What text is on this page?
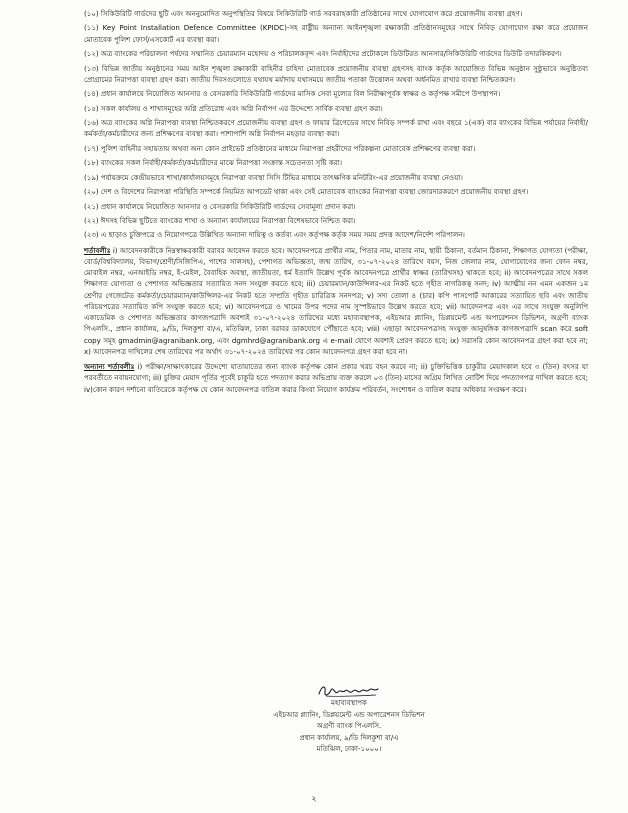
(১০) সিকিউরিটি গার্ডদের ছুটি এবং অননুমোদিত অনুপস্থিতির বিষয়ে সিকিউরিটি গার্ড সরবরাহকারী প্রতিষ্ঠানের সাথে যোগাযোগ করে প্রয়োজনীয় ব্যবস্থা গ্রহণ।

(১১) Key Point Installation Defence Committee (KPIDC)-সহ রাষ্ট্রীয় অন্যান্য আইনশৃঙ্খলা রক্ষাকারী প্রতিষ্ঠানসমূহের সাথে নিবিড় যোগাযোগ রক্ষা করে প্রয়োজন মোতাবেক পুলিশ ফোর্স/এসকোর্ট এর ব্যবস্থা করা।

(১২) অত্র ব্যাংকের পরিচালনা পর্ষদের সম্মানিত চেয়ারম্যান মহোদয় ও পরিচালকবৃন্দ এবং নির্বাহীদের প্রটোকলে ডিউটিরত আনসার/সিকিউরিটি গার্ডদের ডিউটি তদারকিকরণ।

(১৩) বিভিন্ন জাতীয় অনুষ্ঠানের সময় আইন শৃঙ্খলা রক্ষাকারী বাহিনীর চাহিদা মোতাবেক প্রয়োজনীয় ব্যবস্থা গ্রহণসহ ব্যাংক কর্তৃক আয়োজিত বিভিন্ন অনুষ্ঠান সুষ্ঠুভাবে অনুষ্ঠিতব্য প্রোগ্রামের নিরাপত্তা ব্যবস্থা গ্রহণ করা। জাতীয় দিবসগুলোতে যথাযথ মর্যাদায় যথাসময়ে জাতীয় পতাকা উত্তোলন অথবা অর্ধনমিত রাখার ব্যবস্থা নিশ্চিতকরণ।

(১৪) প্রধান কার্যালয়ে নিয়োজিত আনসার ও বেসরকারি সিকিউরিটি গার্ডদের মাসিক সেবা মূল্যের বিল নিরীক্ষাপূর্বক স্বাক্ষর ও কর্তৃপক্ষ সমীপে উপস্থাপন।

(১৫) সকল কার্যালয় ও শাখাসমূহের অগ্নি প্রতিরোধ এবং অগ্নি নির্বাপণ এর উদ্দেশ্যে সার্বিক ব্যবস্থা গ্রহণ করা।

(১৬) অত্র ব্যাংকের অগ্নি নিরাপত্তা ব্যবস্থা নিশ্চিতকরণে প্রয়োজনীয় ব্যবস্থা গ্রহণ ও ফায়ার ব্রিগেডের সাথে নিবিড় সম্পর্ক রাখা এবং বছরে ১(এক) বার ব্যাংকের বিভিন্ন পর্যায়ের নির্বাহী/কর্মকর্তা/কর্মচারীদের জন্য প্রশিক্ষণের ব্যবস্থা করা। পাশাপাশি অগ্নি নির্বাপন মহড়ার ব্যবস্থা করা।

(১৭) পুলিশ বাহিনীর সহায়তায় অথবা অন্য কোন প্রাইভেট প্রতিষ্ঠানের মাধ্যমে নিরাপত্তা প্রহরীদের পরিকল্পনা মোতাবেক প্রশিক্ষণের ব্যবস্থা করা।

(১৮) ব্যাংকের সকল নির্বাহী/কর্মকর্তা/কর্মচারীদের মাঝে নিরাপত্তা সংক্রান্ত সচেতনতা সৃষ্টি করা।

(১৯) পর্যায়ক্রমে কেন্দ্রীয়ভাবে শাখা/কার্যালয়সমূহে নিরাপত্তা ব্যবস্থা সিসি টিভির মাধ্যমে তাৎক্ষণিক মনিটরিং-এর প্রয়োজনীয় ব্যবস্থা নেওয়া।

(২০) দেশ ও বিদেশের নিরাপত্তা পরিস্থিতি সম্পর্কে নিয়মিত আপডেট থাকা এবং সেই মোতাবেক ব্যাংকের নিরাপত্তা ব্যবস্থা জোরদারকরণে প্রয়োজনীয় ব্যবস্থা গ্রহণ।

(২১) প্রধান কার্যালয়ে নিয়োজিত আনসার ও বেসরকারি সিকিউরিটি গার্ডদের সেবামূল্য প্রদান করা।

(২২) ঈদসহ বিভিন্ন ছুটিতে ব্যাংকের শাখা ও অন্যান্য কার্যালয়ের নিরাপত্তা বিশেষভাবে নিশ্চিত করা।

(২৩) এ ছাড়াও চুক্তিপত্রে ও নিয়োগপত্রে উল্লিখিত অন্যান্য দায়িত্ব ও কর্তব্য এবং কর্তৃপক্ষ কর্তৃক সময় সময় প্রদত্ত আদেশ/নির্দেশ পরিপালন।

শর্তাবলীঃ i) আবেদনকারীকে নিম্নস্বাক্ষরকারী বরাবর আবেদন করতে হবে। আবেদনপত্রে প্রার্থীর নাম, পিতার নাম, মাতার নাম, স্থায়ী ঠিকানা, বর্তমান ঠিকানা, শিক্ষাগত যোগ্যতা (পরীক্ষা, বোর্ড/বিশ্ববিদ্যালয়, বিভাগ/শ্রেণী/সিজিপিএ, পাশের সালসহ), পেশাগত অভিজ্ঞতা, জন্ম তারিখ, ৩১-০৭-২০২৪ তারিখে বয়স, নিজ জেলার নাম, যোগাযোগের জন্য ফোন নম্বর, মোবাইল নম্বর, এনআইডি নম্বর, ই-মেইল, বৈবাহিক অবস্থা, জাতীয়তা, ধর্ম ইত্যাদি উল্লেখ পূর্বক আবেদনপত্রে প্রার্থীর স্বাক্ষর (তারিখসহ) থাকতে হবে; ii) আবেদনপত্রের সাথে সকল শিক্ষাগত যোগ্যতা ও পেশাগত অভিজ্ঞতার সত্যায়িত সনদ সংযুক্ত করতে হবে; iii) চেয়ারম্যান/কাউন্সিলর-এর নিকট হতে গৃহীত নাগরিকত্ব সনদ; iv) আত্মীয় নন এমন একজন ১ম শ্রেণীর গেজেটেড কর্মকর্তা/চেয়ারম্যান/কাউন্সিলর-এর নিকট হতে সম্প্রতি গৃহীত চারিত্রিক সনদপত্র; v) সদ্য তোলা ৪ (চার) কপি পাসপোর্ট আকারের সত্যায়িত ছবি এবং জাতীয় পরিচয়পত্রের সত্যায়িত কপি সংযুক্ত করতে হবে; vi) আবেদনপত্রে ও খামের উপর পদের নাম সুস্পষ্টভাবে উল্লেখ করতে হবে; vii) আবেদনপত্র এবং এর সাথে সংযুক্ত অনুলিপি একাডেমিক ও পেশাগত অভিজ্ঞতার কাগজপত্রাদি অবশ্যই ৩১-০৭-২০২৪ তারিখের মধ্যে মহাব্যবস্থাপক, এইচআর প্ল্যানিং, ডিপ্লয়মেন্ট এন্ড অপারেশনস ডিভিশন, অগ্রণী ব্যাংক পিএলসি., প্রধান কার্যালয়, ৯/ডি, দিলকুশা বা/এ, মতিঝিল, ঢাকা বরাবর ডাকযোগে পৌঁছাতে হবে; viii) এছাড়া আবেদনপত্রসহ সংযুক্ত আনুষঙ্গিক কাগজপত্রাদি scan করে soft copy সমূহ gmadmin@agranibank.org, এবং dgmhrd@agranibank.org এ e-mail যোগে অবশ্যই প্রেরণ করতে হবে; ix) সরাসরি কোন আবেদনপত্র গ্রহণ করা হবে না; x) আবেদনপত্র দাখিলের শেষ তারিখের পর অর্থাৎ ৩১-০৭-২০২৪ তারিখের পর কোন আবেদনপত্র গ্রহণ করা হবে না।

অন্যান্য শর্তাবলীঃ i) পরীক্ষা/সাক্ষাৎকারের উদ্দেশ্যে যাতায়াতের জন্য ব্যাংক কর্তৃপক্ষ কোন প্রকার খরচ বহন করবে না; ii) চুক্তিভিত্তিক চাকুরীর মেয়াদকাল হবে ৩ (তিন) বৎসর যা পরবর্তীতে নবায়নযোগ্য; iii) চুক্তির মেয়াদ পূর্তির পূর্বেই চাকুরি হতে পদত্যাগ করার অভিপ্রায় ব্যক্ত করলে ০৩ (তিন) মাসের অগ্রিম লিখিত নোটিশ দিয়ে পদত্যাগপত্র দাখিল করতে হবে; iv)কোন কারণ দর্শানো ব্যতিরেকে কর্তৃপক্ষ যে কোন আবেদনপত্র বাতিল করার কিংবা নিয়োগ কার্যক্রম পরিবর্তন, সংশোধন ও বাতিল করার অধিকার সংরক্ষণ করে।

মহাব্যবস্থাপক
এইচআর প্ল্যানিং, ডিপ্লয়মেন্ট এন্ড অপারেশনস ডিভিশন
অগ্রণী ব্যাংক পিএলসি.
প্রধান কার্যালয়, ৯/ডি দিলকুশা বা/এ
মতিঝিল, ঢাকা-১০০০।
২
